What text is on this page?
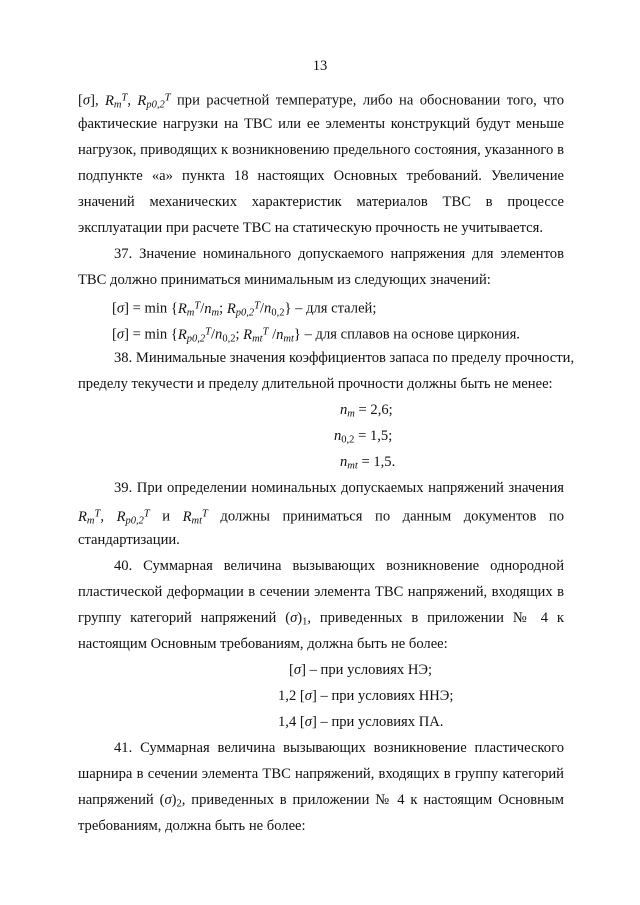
13
[σ], $R_m^T$, $R_{p0,2}^T$ при расчетной температуре, либо на обосновании того, что
фактические нагрузки на ТВС или ее элементы конструкций будут меньше
нагрузок, приводящих к возникновению предельного состояния, указанного в
подпункте «а» пункта 18 настоящих Основных требований. Увеличение
значений механических характеристик материалов ТВС в процессе
эксплуатации при расчете ТВС на статическую прочность не учитывается.
37. Значение номинального допускаемого напряжения для элементов
ТВС должно приниматься минимальным из следующих значений:
$[\sigma] = \min \{R_m^T/n_m$; $R_{p0,2}^T/n_{0,2}$} – для сталей;
$[\sigma] = \min \{R_{p0,2}^T/n_{0,2}$; $R_{mt}^T$ $/n_{mt}$} – для сплавов на основе циркония.
38. Минимальные значения коэффициентов запаса по пределу прочности,
пределу текучести и пределу длительной прочности должны быть не менее:
$n_m = 2,6$;
$n_{0,2} = 1,5$;
$n_{mt} = 1,5$.
39. При определении номинальных допускаемых напряжений значения
$R_m^T$, $R_{p0,2}^T$ и $R_{mt}^T$ должны приниматься по данным документов по
стандартизации.
40. Суммарная величина вызывающих возникновение однородной
пластической деформации в сечении элемента ТВС напряжений, входящих в
группу категорий напряжений $(\sigma)_1$, приведенных в приложении № 4 к
настоящим Основным требованиям, должна быть не более:
[σ] – при условиях НЭ;
1,2 [σ] – при условиях ННЭ;
1,4 [σ] – при условиях ПА.
41. Суммарная величина вызывающих возникновение пластического
шарнира в сечении элемента ТВС напряжений, входящих в группу категорий
напряжений $(\sigma)_2$, приведенных в приложении № 4 к настоящим Основным
требованиям, должна быть не более:
